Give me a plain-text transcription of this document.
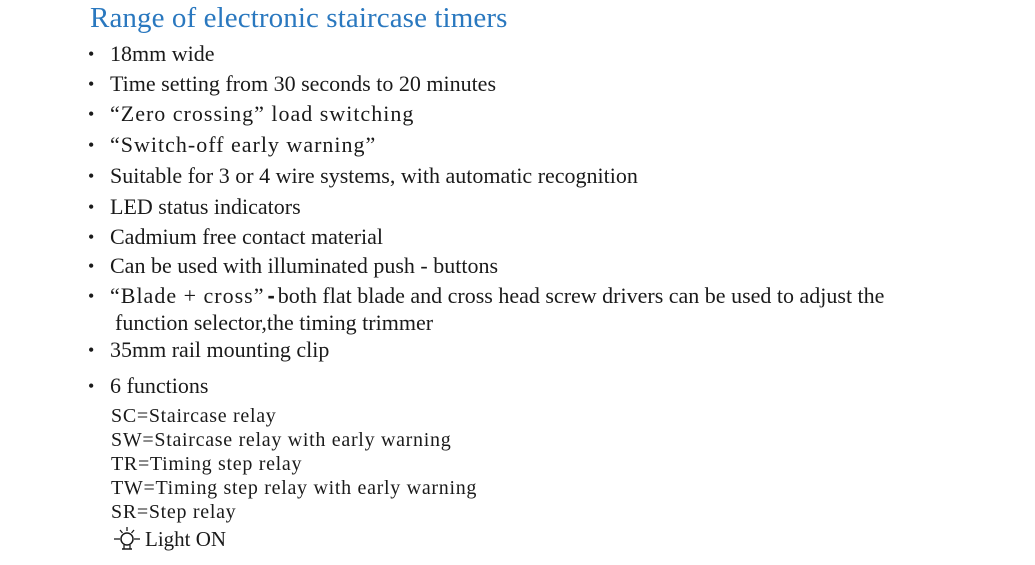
Range of electronic staircase timers
• 18mm wide
• Time setting from 30 seconds to 20 minutes
• “Zero crossing” load switching
• “Switch-off early warning”
• Suitable for 3 or 4 wire systems, with automatic recognition
• LED status indicators
• Cadmium free contact material
• Can be used with illuminated push - buttons
• “Blade + cross” - both flat blade and cross head screw drivers can be used to adjust the
function selector,the timing trimmer
• 35mm rail mounting clip
• 6 functions
SC=Staircase relay
SW=Staircase relay with early warning
TR=Timing step relay
TW=Timing step relay with early warning
SR=Step relay
Light ON
